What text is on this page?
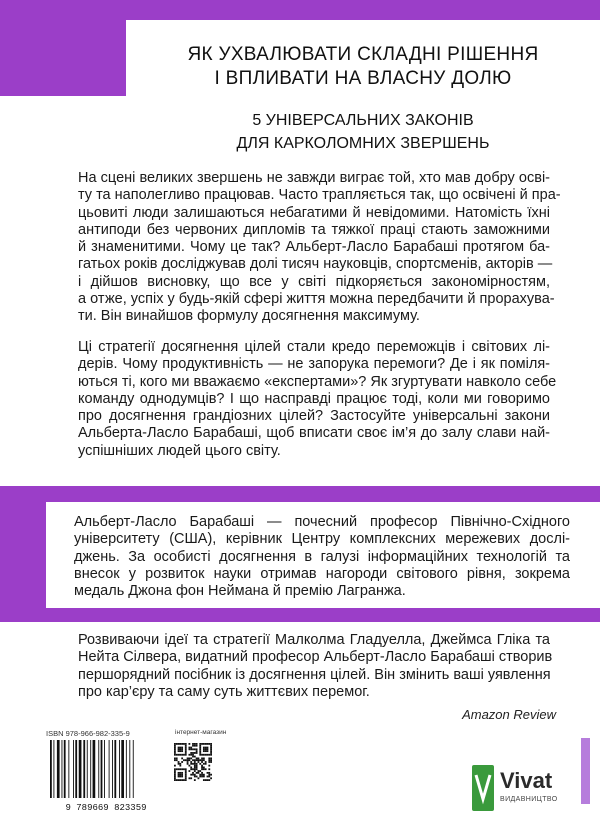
ЯК УХВАЛЮВАТИ СКЛАДНІ РІШЕННЯ
І ВПЛИВАТИ НА ВЛАСНУ ДОЛЮ
5 УНІВЕРСАЛЬНИХ ЗАКОНІВ
ДЛЯ КАРКОЛОМНИХ ЗВЕРШЕНЬ
На сцені великих звершень не завжди виграє той, хто мав добру осві-
ту та наполегливо працював. Часто трапляється так, що освічені й пра-
цьовиті люди залишаються небагатими й невідомими. Натомість їхні
антиподи без червоних дипломів та тяжкої праці стають заможними
й знаменитими. Чому це так? Альберт-Ласло Барабаші протягом ба-
гатьох років досліджував долі тисяч науковців, спортсменів, акторів —
і дійшов висновку, що все у світі підкоряється закономірностям,
а отже, успіх у будь-якій сфері життя можна передбачити й прорахува-
ти. Він винайшов формулу досягнення максимуму.
Ці стратегії досягнення цілей стали кредо переможців і світових лі-
дерів. Чому продуктивність — не запорука перемоги? Де і як поміля-
ються ті, кого ми вважаємо «експертами»? Як згуртувати навколо себе
команду однодумців? І що насправді працює тоді, коли ми говоримо
про досягнення грандіозних цілей? Застосуйте універсальні закони
Альберта-Ласло Барабаші, щоб вписати своє ім’я до залу слави най-
успішніших людей цього світу.
Альберт-Ласло Барабаші — почесний професор Північно-Східного
університету (США), керівник Центру комплексних мережевих дослі-
джень. За особисті досягнення в галузі інформаційних технологій та
внесок у розвиток науки отримав нагороди світового рівня, зокрема
медаль Джона фон Неймана й премію Лагранжа.
Розвиваючи ідеї та стратегії Малколма Гладуелла, Джеймса Гліка та
Нейта Сілвера, видатний професор Альберт-Ласло Барабаші створив
першорядний посібник із досягнення цілей. Він змінить ваші уявлення
про кар’єру та саму суть життєвих перемог.
Amazon Review
ISBN 978-966-982-335-9
9 789669 823359
інтернет-магазин
Vivat
ВИДАВНИЦТВО
